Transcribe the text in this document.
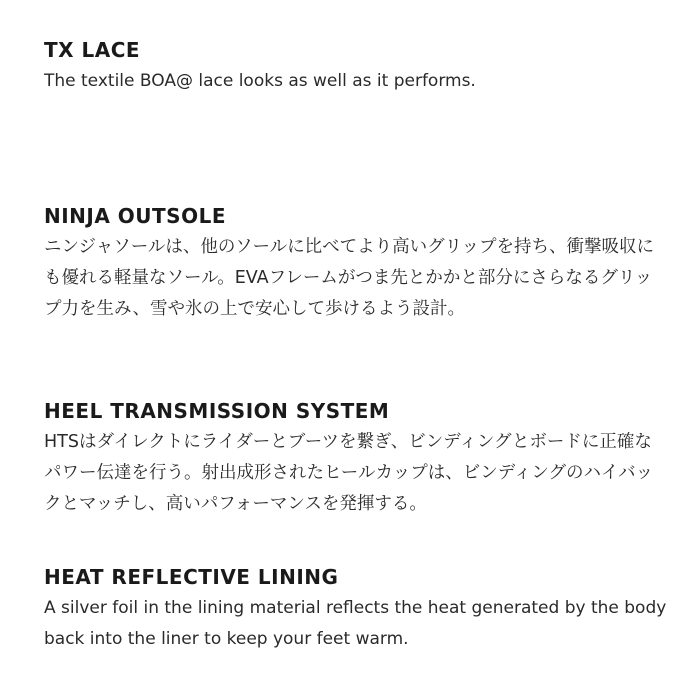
TX LACE

The textile BOA@ lace looks as well as it performs.

NINJA OUTSOLE

ニンジャソールは、他のソールに比べてより高いグリップを持ち、衝撃吸収にも優れる軽量なソール。EVAフレームがつま先とかかと部分にさらなるグリップ力を生み、雪や氷の上で安心して歩けるよう設計。

HEEL TRANSMISSION SYSTEM

HTSはダイレクトにライダーとブーツを繋ぎ、ビンディングとボードに正確なパワー伝達を行う。射出成形されたヒールカップは、ビンディングのハイバックとマッチし、高いパフォーマンスを発揮する。

HEAT REFLECTIVE LINING

A silver foil in the lining material reflects the heat generated by the body back into the liner to keep your feet warm.
